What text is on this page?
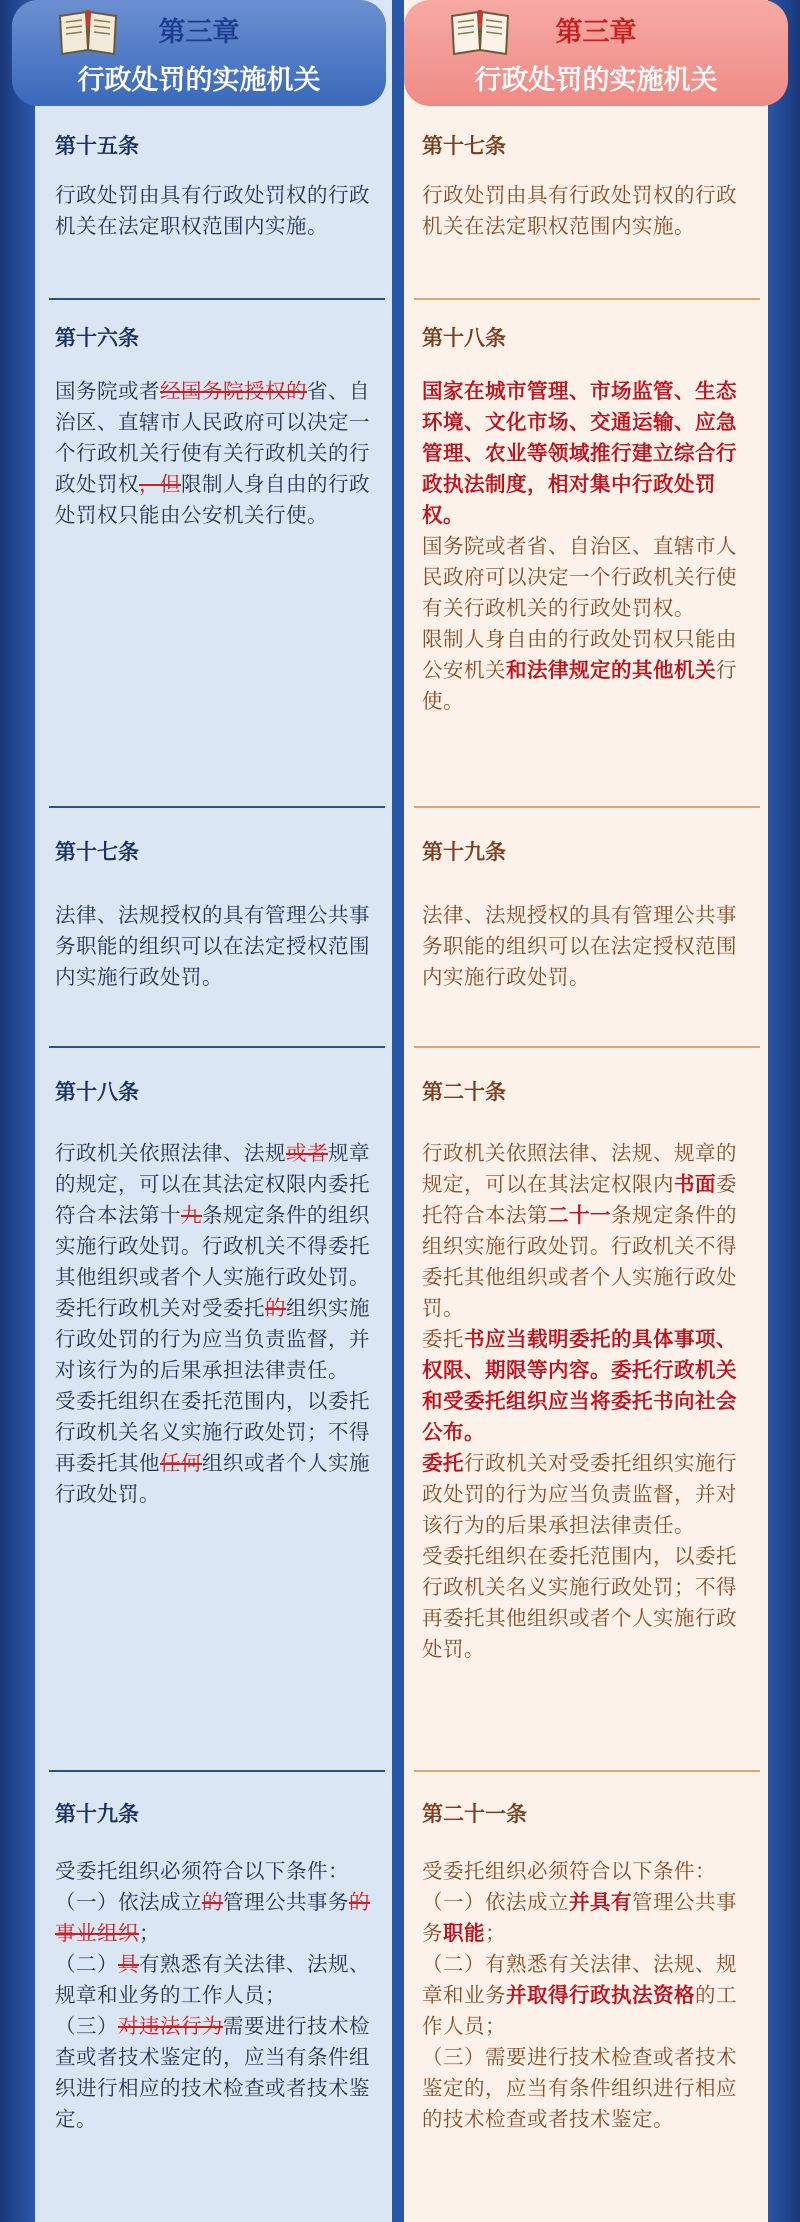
第十五条

行政处罚由具有行政处罚权的行政机关在法定职权范围内实施。

第十六条

国务院或者经国务院授权的省、自治区、直辖市人民政府可以决定一个行政机关行使有关行政机关的行政处罚权，但限制人身自由的行政处罚权只能由公安机关行使。

第十七条

法律、法规授权的具有管理公共事务职能的组织可以在法定授权范围内实施行政处罚。

第十八条

行政机关依照法律、法规或者规章的规定，可以在其法定权限内委托符合本法第十九条规定条件的组织实施行政处罚。行政机关不得委托其他组织或者个人实施行政处罚。

委托行政机关对受委托的组织实施行政处罚的行为应当负责监督，并对该行为的后果承担法律责任。

受委托组织在委托范围内，以委托行政机关名义实施行政处罚；不得再委托其他任何组织或者个人实施行政处罚。

第十九条

受委托组织必须符合以下条件：

（一）依法成立的管理公共事务的事业组织；

（二）具有熟悉有关法律、法规、规章和业务的工作人员；

（三）对违法行为需要进行技术检查或者技术鉴定的，应当有条件组织进行相应的技术检查或者技术鉴定。

第十七条

行政处罚由具有行政处罚权的行政机关在法定职权范围内实施。

第十八条

国家在城市管理、市场监管、生态环境、文化市场、交通运输、应急管理、农业等领域推行建立综合行政执法制度，相对集中行政处罚权。

国务院或者省、自治区、直辖市人民政府可以决定一个行政机关行使有关行政机关的行政处罚权。

限制人身自由的行政处罚权只能由公安机关和法律规定的其他机关行使。

第十九条

法律、法规授权的具有管理公共事务职能的组织可以在法定授权范围内实施行政处罚。

第二十条

行政机关依照法律、法规、规章的规定，可以在其法定权限内书面委托符合本法第二十一条规定条件的组织实施行政处罚。行政机关不得委托其他组织或者个人实施行政处罚。

委托书应当载明委托的具体事项、权限、期限等内容。委托行政机关和受委托组织应当将委托书向社会公布。

委托行政机关对受委托组织实施行政处罚的行为应当负责监督，并对该行为的后果承担法律责任。

受委托组织在委托范围内，以委托行政机关名义实施行政处罚；不得再委托其他组织或者个人实施行政处罚。

第二十一条

受委托组织必须符合以下条件：

（一）依法成立并具有管理公共事务职能；

（二）有熟悉有关法律、法规、规章和业务并取得行政执法资格的工作人员；

（三）需要进行技术检查或者技术鉴定的，应当有条件组织进行相应的技术检查或者技术鉴定。

第三章
行政处罚的实施机关
第三章
行政处罚的实施机关
